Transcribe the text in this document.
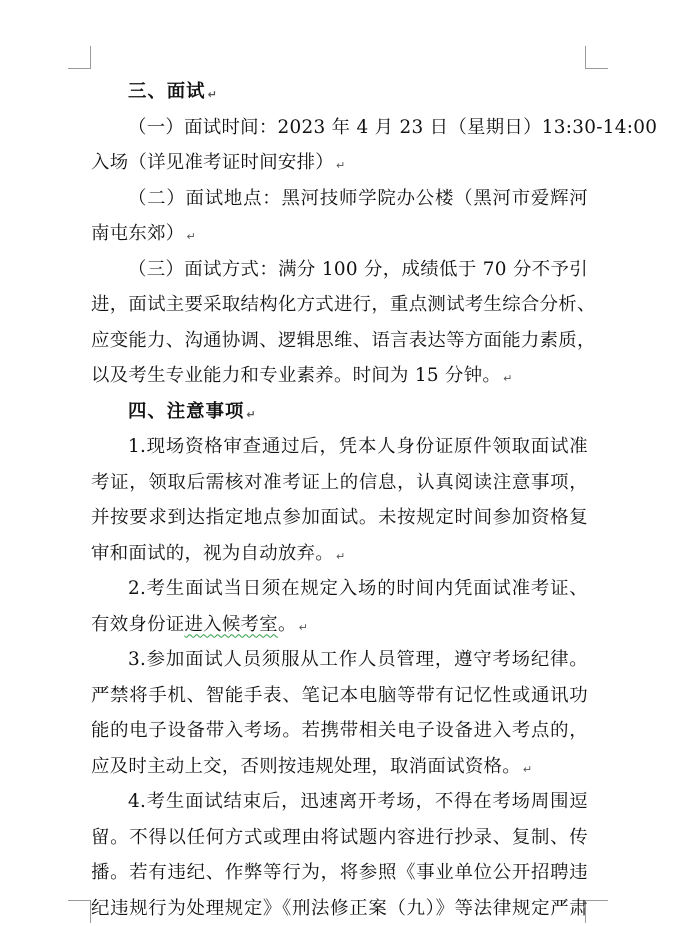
三、面试 ↵
（一）面试时间：2023 年 4 月 23 日（星期日）13:30-14:00
入场（详见准考证时间安排） ↵
（二）面试地点：黑河技师学院办公楼（黑河市爱辉河
南屯东郊） ↵
（三）面试方式：满分 100 分，成绩低于 70 分不予引
进，面试主要采取结构化方式进行，重点测试考生综合分析、
应变能力、沟通协调、逻辑思维、语言表达等方面能力素质，
以及考生专业能力和专业素养。时间为 15 分钟。 ↵
四、注意事项 ↵
1.现场资格审查通过后，凭本人身份证原件领取面试准
考证，领取后需核对准考证上的信息，认真阅读注意事项，
并按要求到达指定地点参加面试。未按规定时间参加资格复
审和面试的，视为自动放弃。 ↵
2.考生面试当日须在规定入场的时间内凭面试准考证、
有效身份证进入候考室。 ↵
3.参加面试人员须服从工作人员管理，遵守考场纪律。
严禁将手机、智能手表、笔记本电脑等带有记忆性或通讯功
能的电子设备带入考场。若携带相关电子设备进入考点的，
应及时主动上交，否则按违规处理，取消面试资格。 ↵
4.考生面试结束后，迅速离开考场，不得在考场周围逗
留。不得以任何方式或理由将试题内容进行抄录、复制、传
播。若有违纪、作弊等行为，将参照《事业单位公开招聘违
纪违规行为处理规定》《刑法修正案（九）》等法律规定严肃
